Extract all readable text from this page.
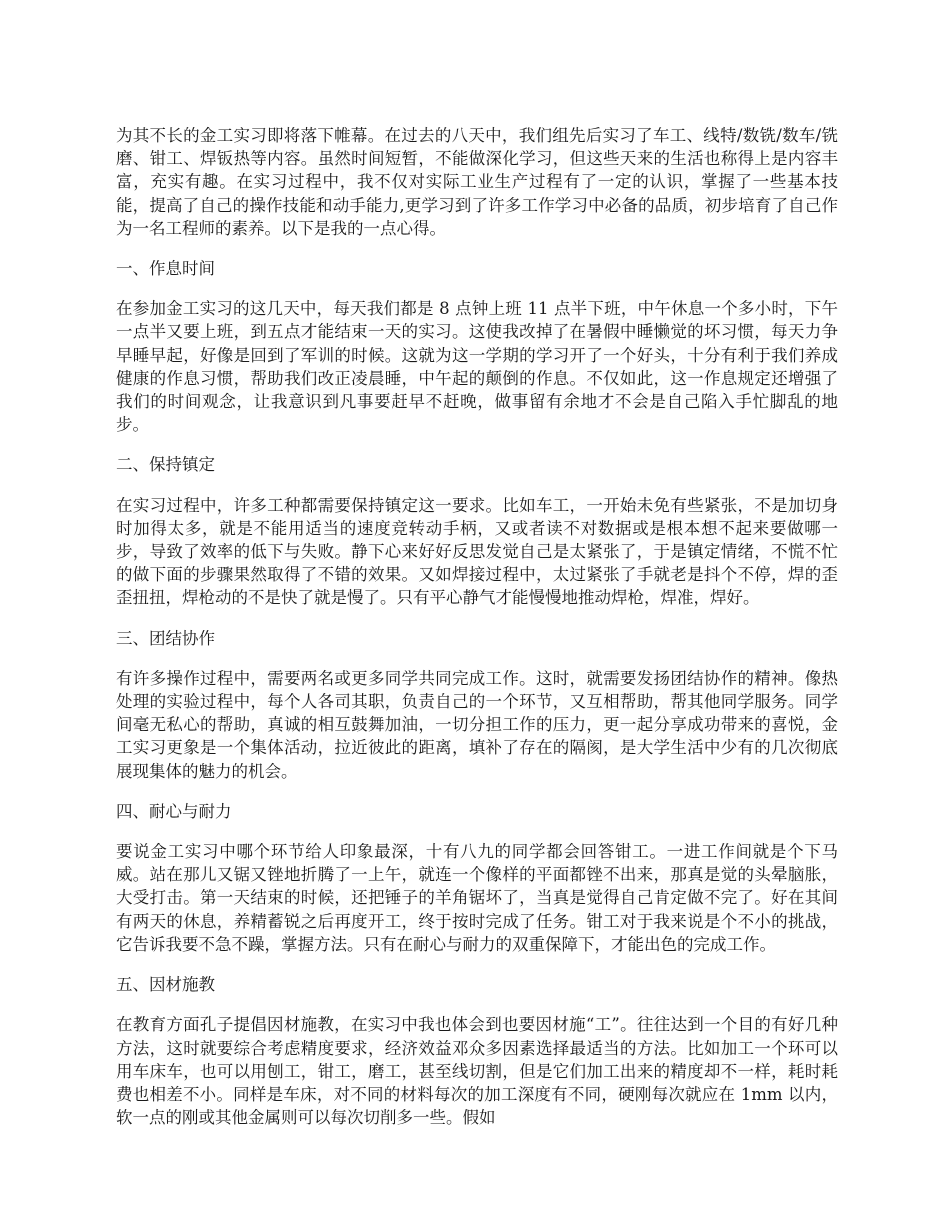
为其不长的金工实习即将落下帷幕。在过去的八天中，我们组先后实习了车工、线特/数铣/数车/铣磨、钳工、焊钣热等内容。虽然时间短暂，不能做深化学习，但这些天来的生活也称得上是内容丰富，充实有趣。在实习过程中，我不仅对实际工业生产过程有了一定的认识，掌握了一些基本技能，提高了自己的操作技能和动手能力,更学习到了许多工作学习中必备的品质，初步培育了自己作为一名工程师的素养。以下是我的一点心得。

一、作息时间

在参加金工实习的这几天中，每天我们都是 8 点钟上班 11 点半下班，中午休息一个多小时，下午一点半又要上班，到五点才能结束一天的实习。这使我改掉了在暑假中睡懒觉的坏习惯，每天力争早睡早起，好像是回到了军训的时候。这就为这一学期的学习开了一个好头，十分有利于我们养成健康的作息习惯，帮助我们改正凌晨睡，中午起的颠倒的作息。不仅如此，这一作息规定还增强了我们的时间观念，让我意识到凡事要赶早不赶晚，做事留有余地才不会是自己陷入手忙脚乱的地步。

二、保持镇定

在实习过程中，许多工种都需要保持镇定这一要求。比如车工，一开始未免有些紧张，不是加切身时加得太多，就是不能用适当的速度竞转动手柄，又或者读不对数据或是根本想不起来要做哪一步，导致了效率的低下与失败。静下心来好好反思发觉自己是太紧张了，于是镇定情绪，不慌不忙的做下面的步骤果然取得了不错的效果。又如焊接过程中，太过紧张了手就老是抖个不停，焊的歪歪扭扭，焊枪动的不是快了就是慢了。只有平心静气才能慢慢地推动焊枪，焊准，焊好。

三、团结协作

有许多操作过程中，需要两名或更多同学共同完成工作。这时，就需要发扬团结协作的精神。像热处理的实验过程中，每个人各司其职，负责自己的一个环节，又互相帮助，帮其他同学服务。同学间毫无私心的帮助，真诚的相互鼓舞加油，一切分担工作的压力，更一起分享成功带来的喜悦，金工实习更象是一个集体活动，拉近彼此的距离，填补了存在的隔阂，是大学生活中少有的几次彻底展现集体的魅力的机会。

四、耐心与耐力

要说金工实习中哪个环节给人印象最深，十有八九的同学都会回答钳工。一进工作间就是个下马威。站在那儿又锯又锉地折腾了一上午，就连一个像样的平面都锉不出来，那真是觉的头晕脑胀，大受打击。第一天结束的时候，还把锤子的羊角锯坏了，当真是觉得自己肯定做不完了。好在其间有两天的休息，养精蓄锐之后再度开工，终于按时完成了任务。钳工对于我来说是个不小的挑战，它告诉我要不急不躁，掌握方法。只有在耐心与耐力的双重保障下，才能出色的完成工作。

五、因材施教

在教育方面孔子提倡因材施教，在实习中我也体会到也要因材施“工”。往往达到一个目的有好几种方法，这时就要综合考虑精度要求，经济效益邓众多因素选择最适当的方法。比如加工一个环可以用车床车，也可以用刨工，钳工，磨工，甚至线切割，但是它们加工出来的精度却不一样，耗时耗费也相差不小。同样是车床，对不同的材料每次的加工深度有不同，硬刚每次就应在 1mm 以内，软一点的刚或其他金属则可以每次切削多一些。假如
